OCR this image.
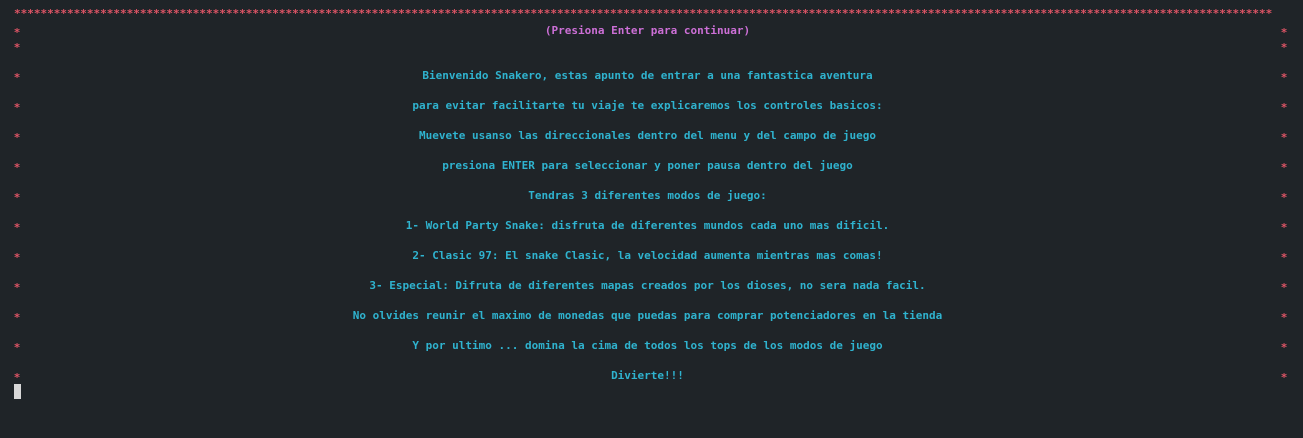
**********************************************************************************************************************************************************************************************
(Presiona Enter para continuar)
Bienvenido Snakero, estas apunto de entrar a una fantastica aventura
para evitar facilitarte tu viaje te explicaremos los controles basicos:
Muevete usanso las direccionales dentro del menu y del campo de juego
presiona ENTER para seleccionar y poner pausa dentro del juego
Tendras 3 diferentes modos de juego:
1- World Party Snake: disfruta de diferentes mundos cada uno mas dificil.
2- Clasic 97: El snake Clasic, la velocidad aumenta mientras mas comas!
3- Especial: Difruta de diferentes mapas creados por los dioses, no sera nada facil.
No olvides reunir el maximo de monedas que puedas para comprar potenciadores en la tienda
Y por ultimo ... domina la cima de todos los tops de los modos de juego
Divierte!!!
*	*
*	*
*	*
*	*
*	*
*	*
*	*
*	*
*	*
*	*
*	*
*	*
*	*
